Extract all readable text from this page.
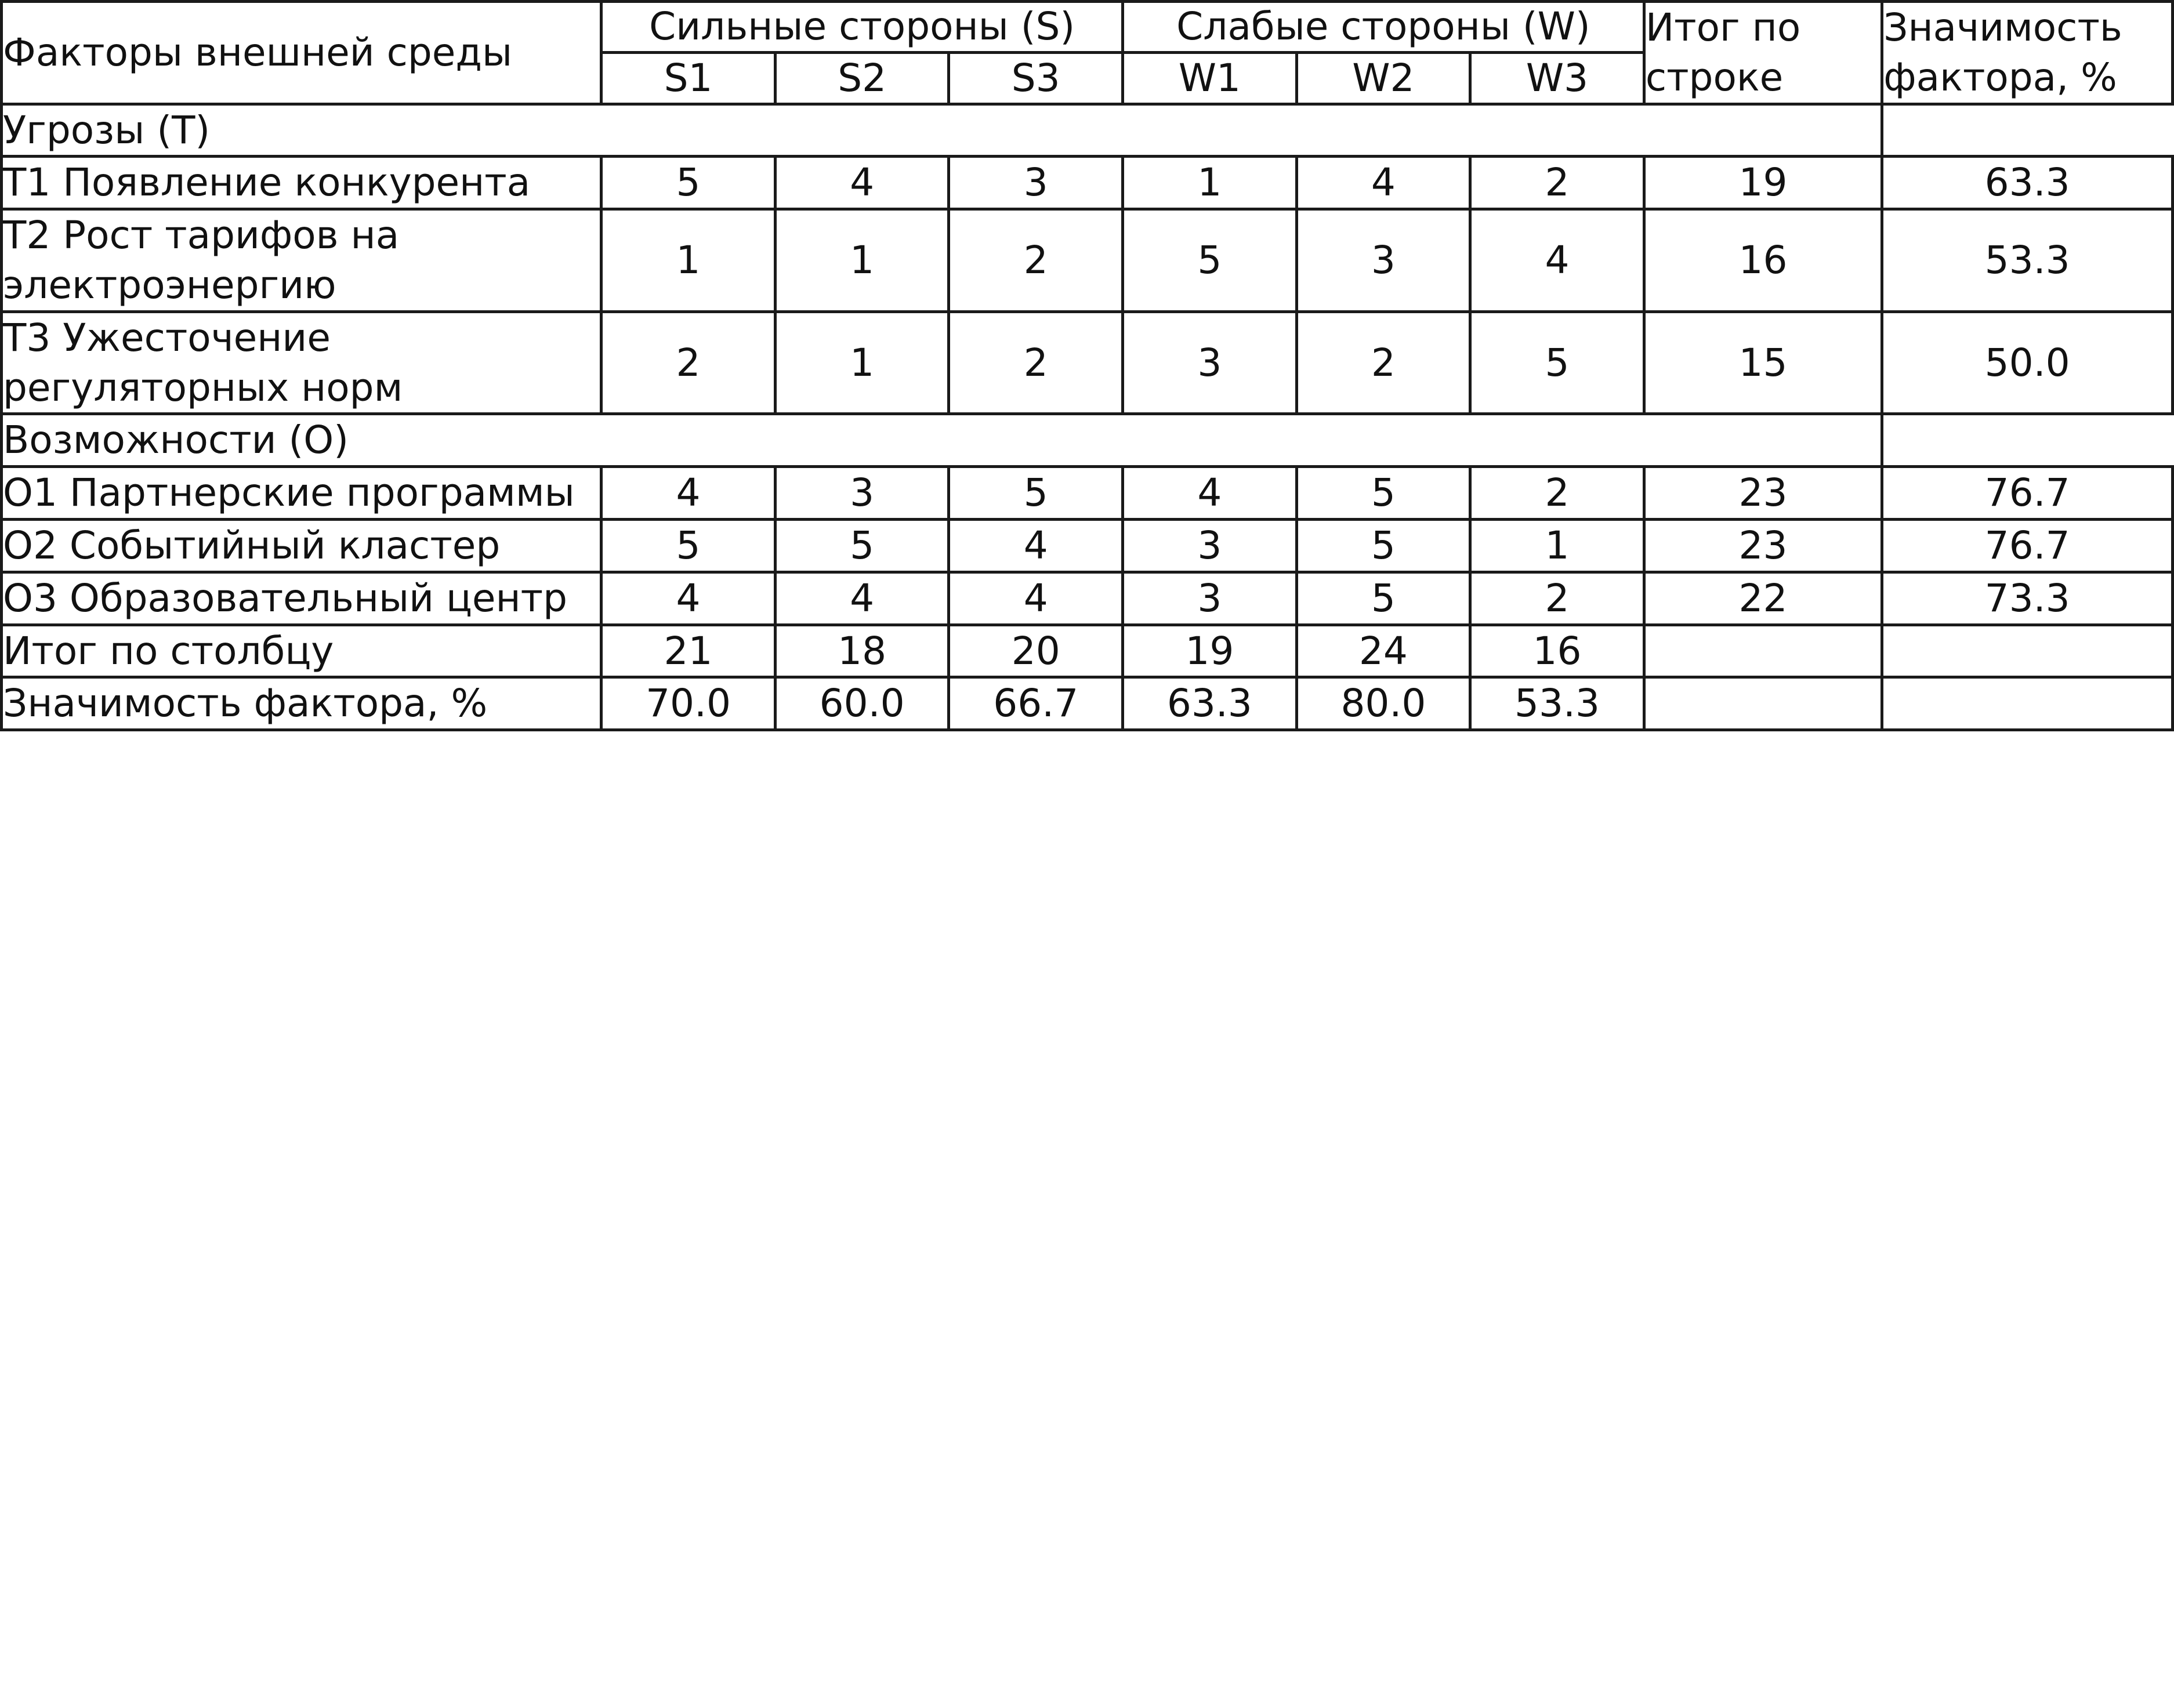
Факторы внешней среды	Сильные стороны (S)			Слабые стороны (W)			Итог по строке	Значимость фактора, %
	S1	S2	S3	W1	W2	W3		
Угрозы (T)								
T1 Появление конкурента	5	4	3	1	4	2	19	63.3
T2 Рост тарифов на электроэнергию	1	1	2	5	3	4	16	53.3
T3 Ужесточение регуляторных норм	2	1	2	3	2	5	15	50.0
Возможности (O)								
O1 Партнерские программы	4	3	5	4	5	2	23	76.7
O2 Событийный кластер	5	5	4	3	5	1	23	76.7
O3 Образовательный центр	4	4	4	3	5	2	22	73.3
Итог по столбцу	21	18	20	19	24	16		
Значимость фактора, %	70.0	60.0	66.7	63.3	80.0	53.3		
